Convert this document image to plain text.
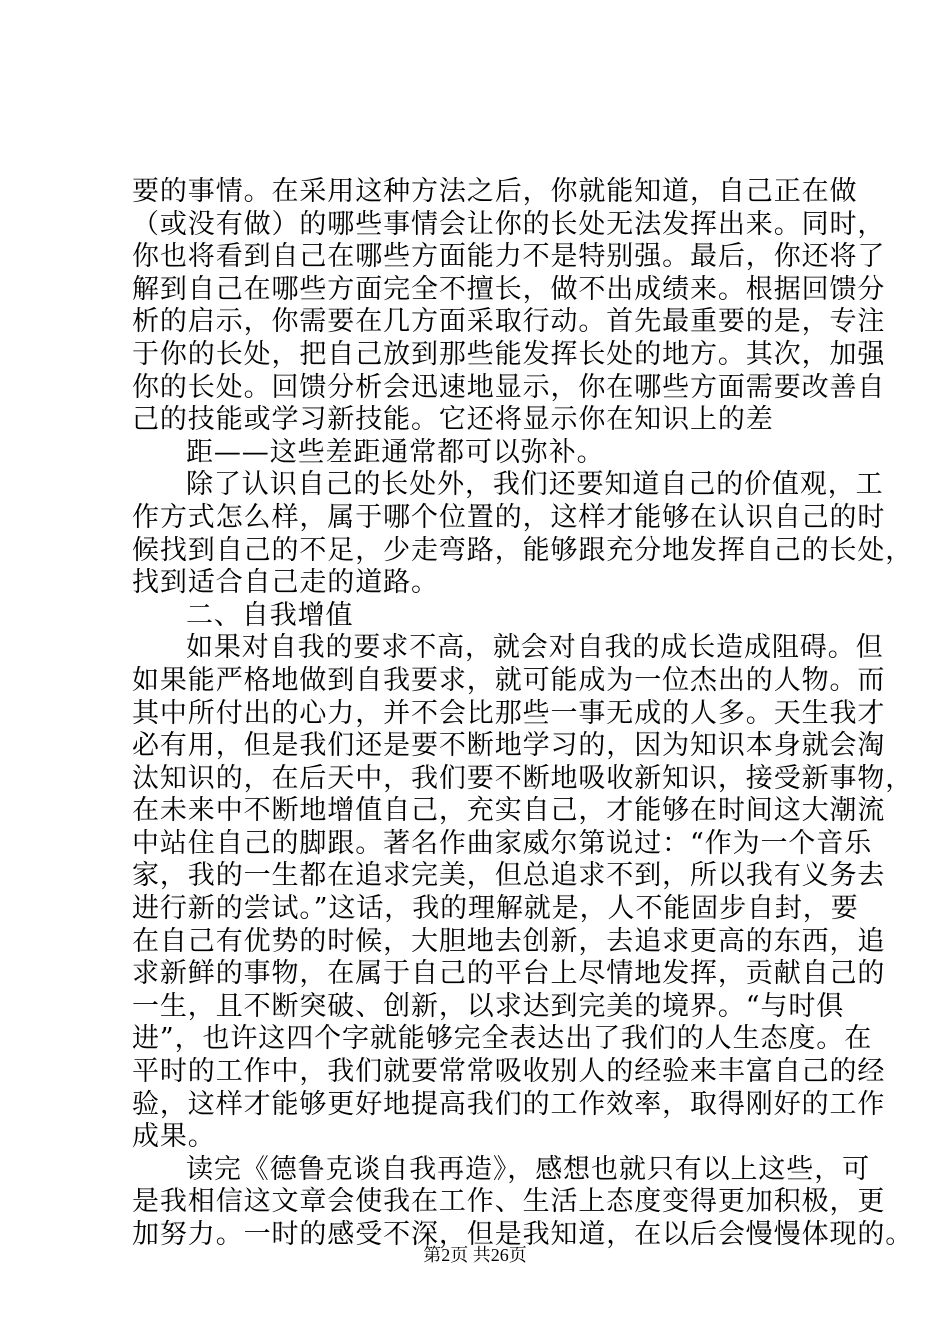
要的事情。在采用这种方法之后，你就能知道，自己正在做
（或没有做）的哪些事情会让你的长处无法发挥出来。同时，
你也将看到自己在哪些方面能力不是特别强。最后，你还将了
解到自己在哪些方面完全不擅长，做不出成绩来。根据回馈分
析的启示，你需要在几方面采取行动。首先最重要的是，专注
于你的长处，把自己放到那些能发挥长处的地方。其次，加强
你的长处。回馈分析会迅速地显示，你在哪些方面需要改善自
己的技能或学习新技能。它还将显示你在知识上的差
距——这些差距通常都可以弥补。
除了认识自己的长处外，我们还要知道自己的价值观，工
作方式怎么样，属于哪个位置的，这样才能够在认识自己的时
候找到自己的不足，少走弯路，能够跟充分地发挥自己的长处，
找到适合自己走的道路。
二、自我增值
如果对自我的要求不高，就会对自我的成长造成阻碍。但
如果能严格地做到自我要求，就可能成为一位杰出的人物。而
其中所付出的心力，并不会比那些一事无成的人多。天生我才
必有用，但是我们还是要不断地学习的，因为知识本身就会淘
汰知识的，在后天中，我们要不断地吸收新知识，接受新事物，
在未来中不断地增值自己，充实自己，才能够在时间这大潮流
中站住自己的脚跟。著名作曲家威尔第说过：“作为一个音乐
家，我的一生都在追求完美，但总追求不到，所以我有义务去
进行新的尝试。”这话，我的理解就是，人不能固步自封，要
在自己有优势的时候，大胆地去创新，去追求更高的东西，追
求新鲜的事物，在属于自己的平台上尽情地发挥，贡献自己的
一生，且不断突破、创新，以求达到完美的境界。“与时俱
进”，也许这四个字就能够完全表达出了我们的人生态度。在
平时的工作中，我们就要常常吸收别人的经验来丰富自己的经
验，这样才能够更好地提高我们的工作效率，取得刚好的工作
成果。
读完《德鲁克谈自我再造》，感想也就只有以上这些，可
是我相信这文章会使我在工作、生活上态度变得更加积极，更
加努力。一时的感受不深，但是我知道，在以后会慢慢体现的。
第2页 共26页
